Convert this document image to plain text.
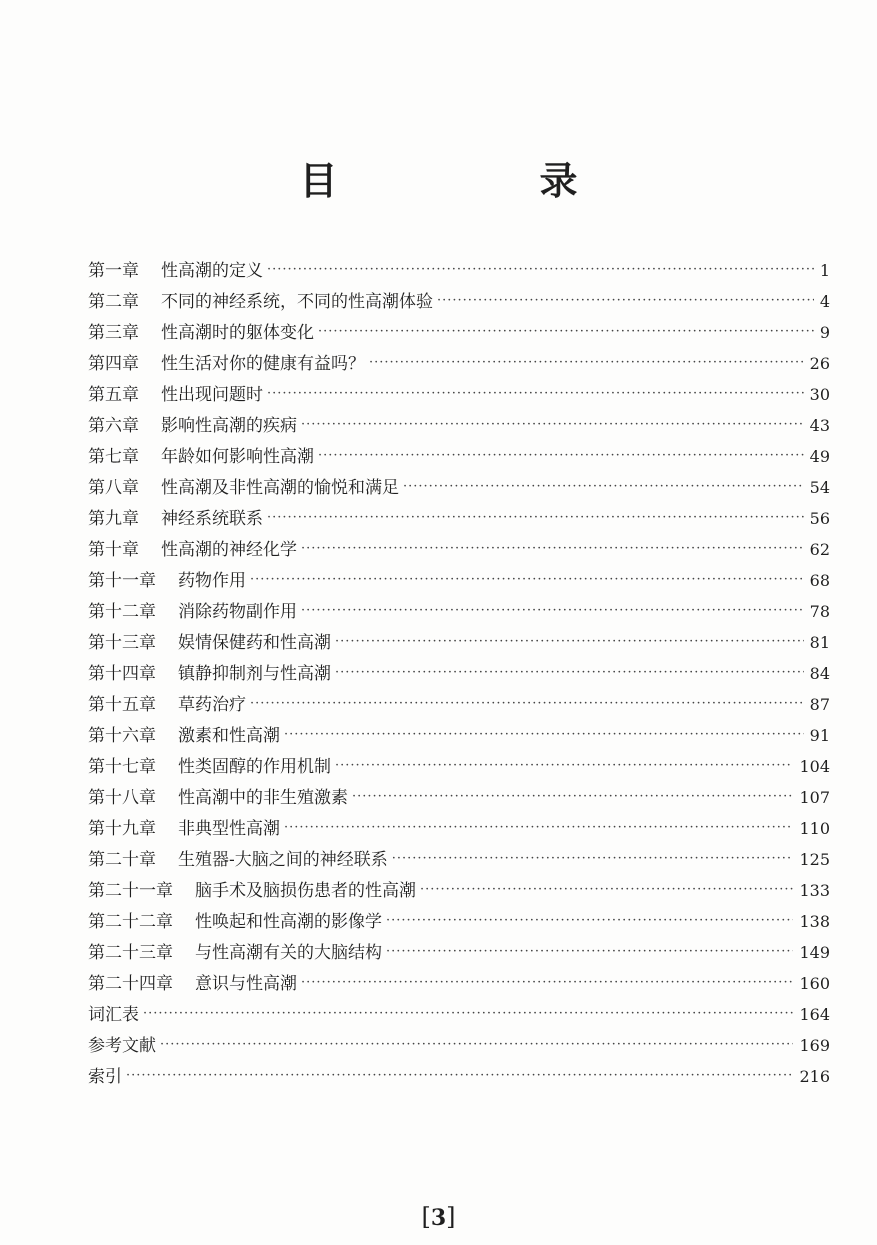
目　录
第一章 性高潮的定义 ·····	1
第二章 不同的神经系统，不同的性高潮体验 ·····	4
第三章 性高潮时的躯体变化 ·····	9
第四章 性生活对你的健康有益吗？ ·····	26
第五章 性出现问题时 ·····	30
第六章 影响性高潮的疾病 ·····	43
第七章 年龄如何影响性高潮 ·····	49
第八章 性高潮及非性高潮的愉悦和满足 ·····	54
第九章 神经系统联系 ·····	56
第十章 性高潮的神经化学 ·····	62
第十一章 药物作用 ·····	68
第十二章 消除药物副作用 ·····	78
第十三章 娱情保健药和性高潮 ·····	81
第十四章 镇静抑制剂与性高潮 ·····	84
第十五章 草药治疗 ·····	87
第十六章 激素和性高潮 ·····	91
第十七章 性类固醇的作用机制 ·····	104
第十八章 性高潮中的非生殖激素 ·····	107
第十九章 非典型性高潮 ·····	110
第二十章 生殖器-大脑之间的神经联系 ·····	125
第二十一章 脑手术及脑损伤患者的性高潮 ·····	133
第二十二章 性唤起和性高潮的影像学 ·····	138
第二十三章 与性高潮有关的大脑结构 ·····	149
第二十四章 意识与性高潮 ·····	160
词汇表 ·····	164
参考文献 ·····	169
索引 ·····	216
[3]
